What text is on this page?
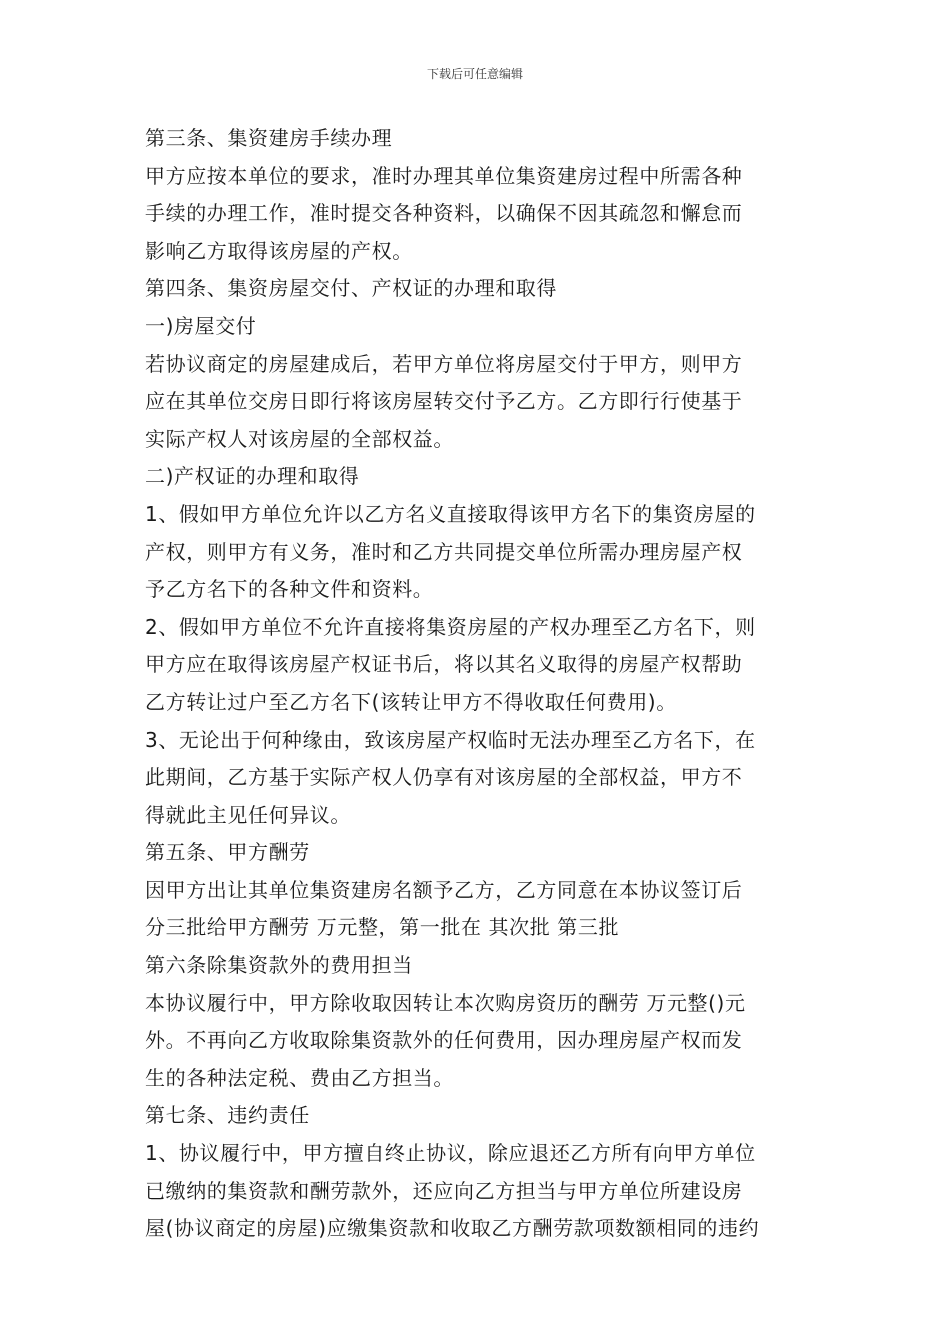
下载后可任意编辑
第三条、集资建房手续办理
甲方应按本单位的要求，准时办理其单位集资建房过程中所需各种
手续的办理工作，准时提交各种资料，以确保不因其疏忽和懈怠而
影响乙方取得该房屋的产权。
第四条、集资房屋交付、产权证的办理和取得
一)房屋交付
若协议商定的房屋建成后，若甲方单位将房屋交付于甲方，则甲方
应在其单位交房日即行将该房屋转交付予乙方。乙方即行行使基于
实际产权人对该房屋的全部权益。
二)产权证的办理和取得
1、假如甲方单位允许以乙方名义直接取得该甲方名下的集资房屋的
产权，则甲方有义务，准时和乙方共同提交单位所需办理房屋产权
予乙方名下的各种文件和资料。
2、假如甲方单位不允许直接将集资房屋的产权办理至乙方名下，则
甲方应在取得该房屋产权证书后，将以其名义取得的房屋产权帮助
乙方转让过户至乙方名下(该转让甲方不得收取任何费用)。
3、无论出于何种缘由，致该房屋产权临时无法办理至乙方名下，在
此期间，乙方基于实际产权人仍享有对该房屋的全部权益，甲方不
得就此主见任何异议。
第五条、甲方酬劳
因甲方出让其单位集资建房名额予乙方，乙方同意在本协议签订后
分三批给甲方酬劳 万元整，第一批在 其次批 第三批
第六条除集资款外的费用担当
本协议履行中，甲方除收取因转让本次购房资历的酬劳 万元整()元
外。不再向乙方收取除集资款外的任何费用，因办理房屋产权而发
生的各种法定税、费由乙方担当。
第七条、违约责任
1、协议履行中，甲方擅自终止协议，除应退还乙方所有向甲方单位
已缴纳的集资款和酬劳款外，还应向乙方担当与甲方单位所建设房
屋(协议商定的房屋)应缴集资款和收取乙方酬劳款项数额相同的违约
